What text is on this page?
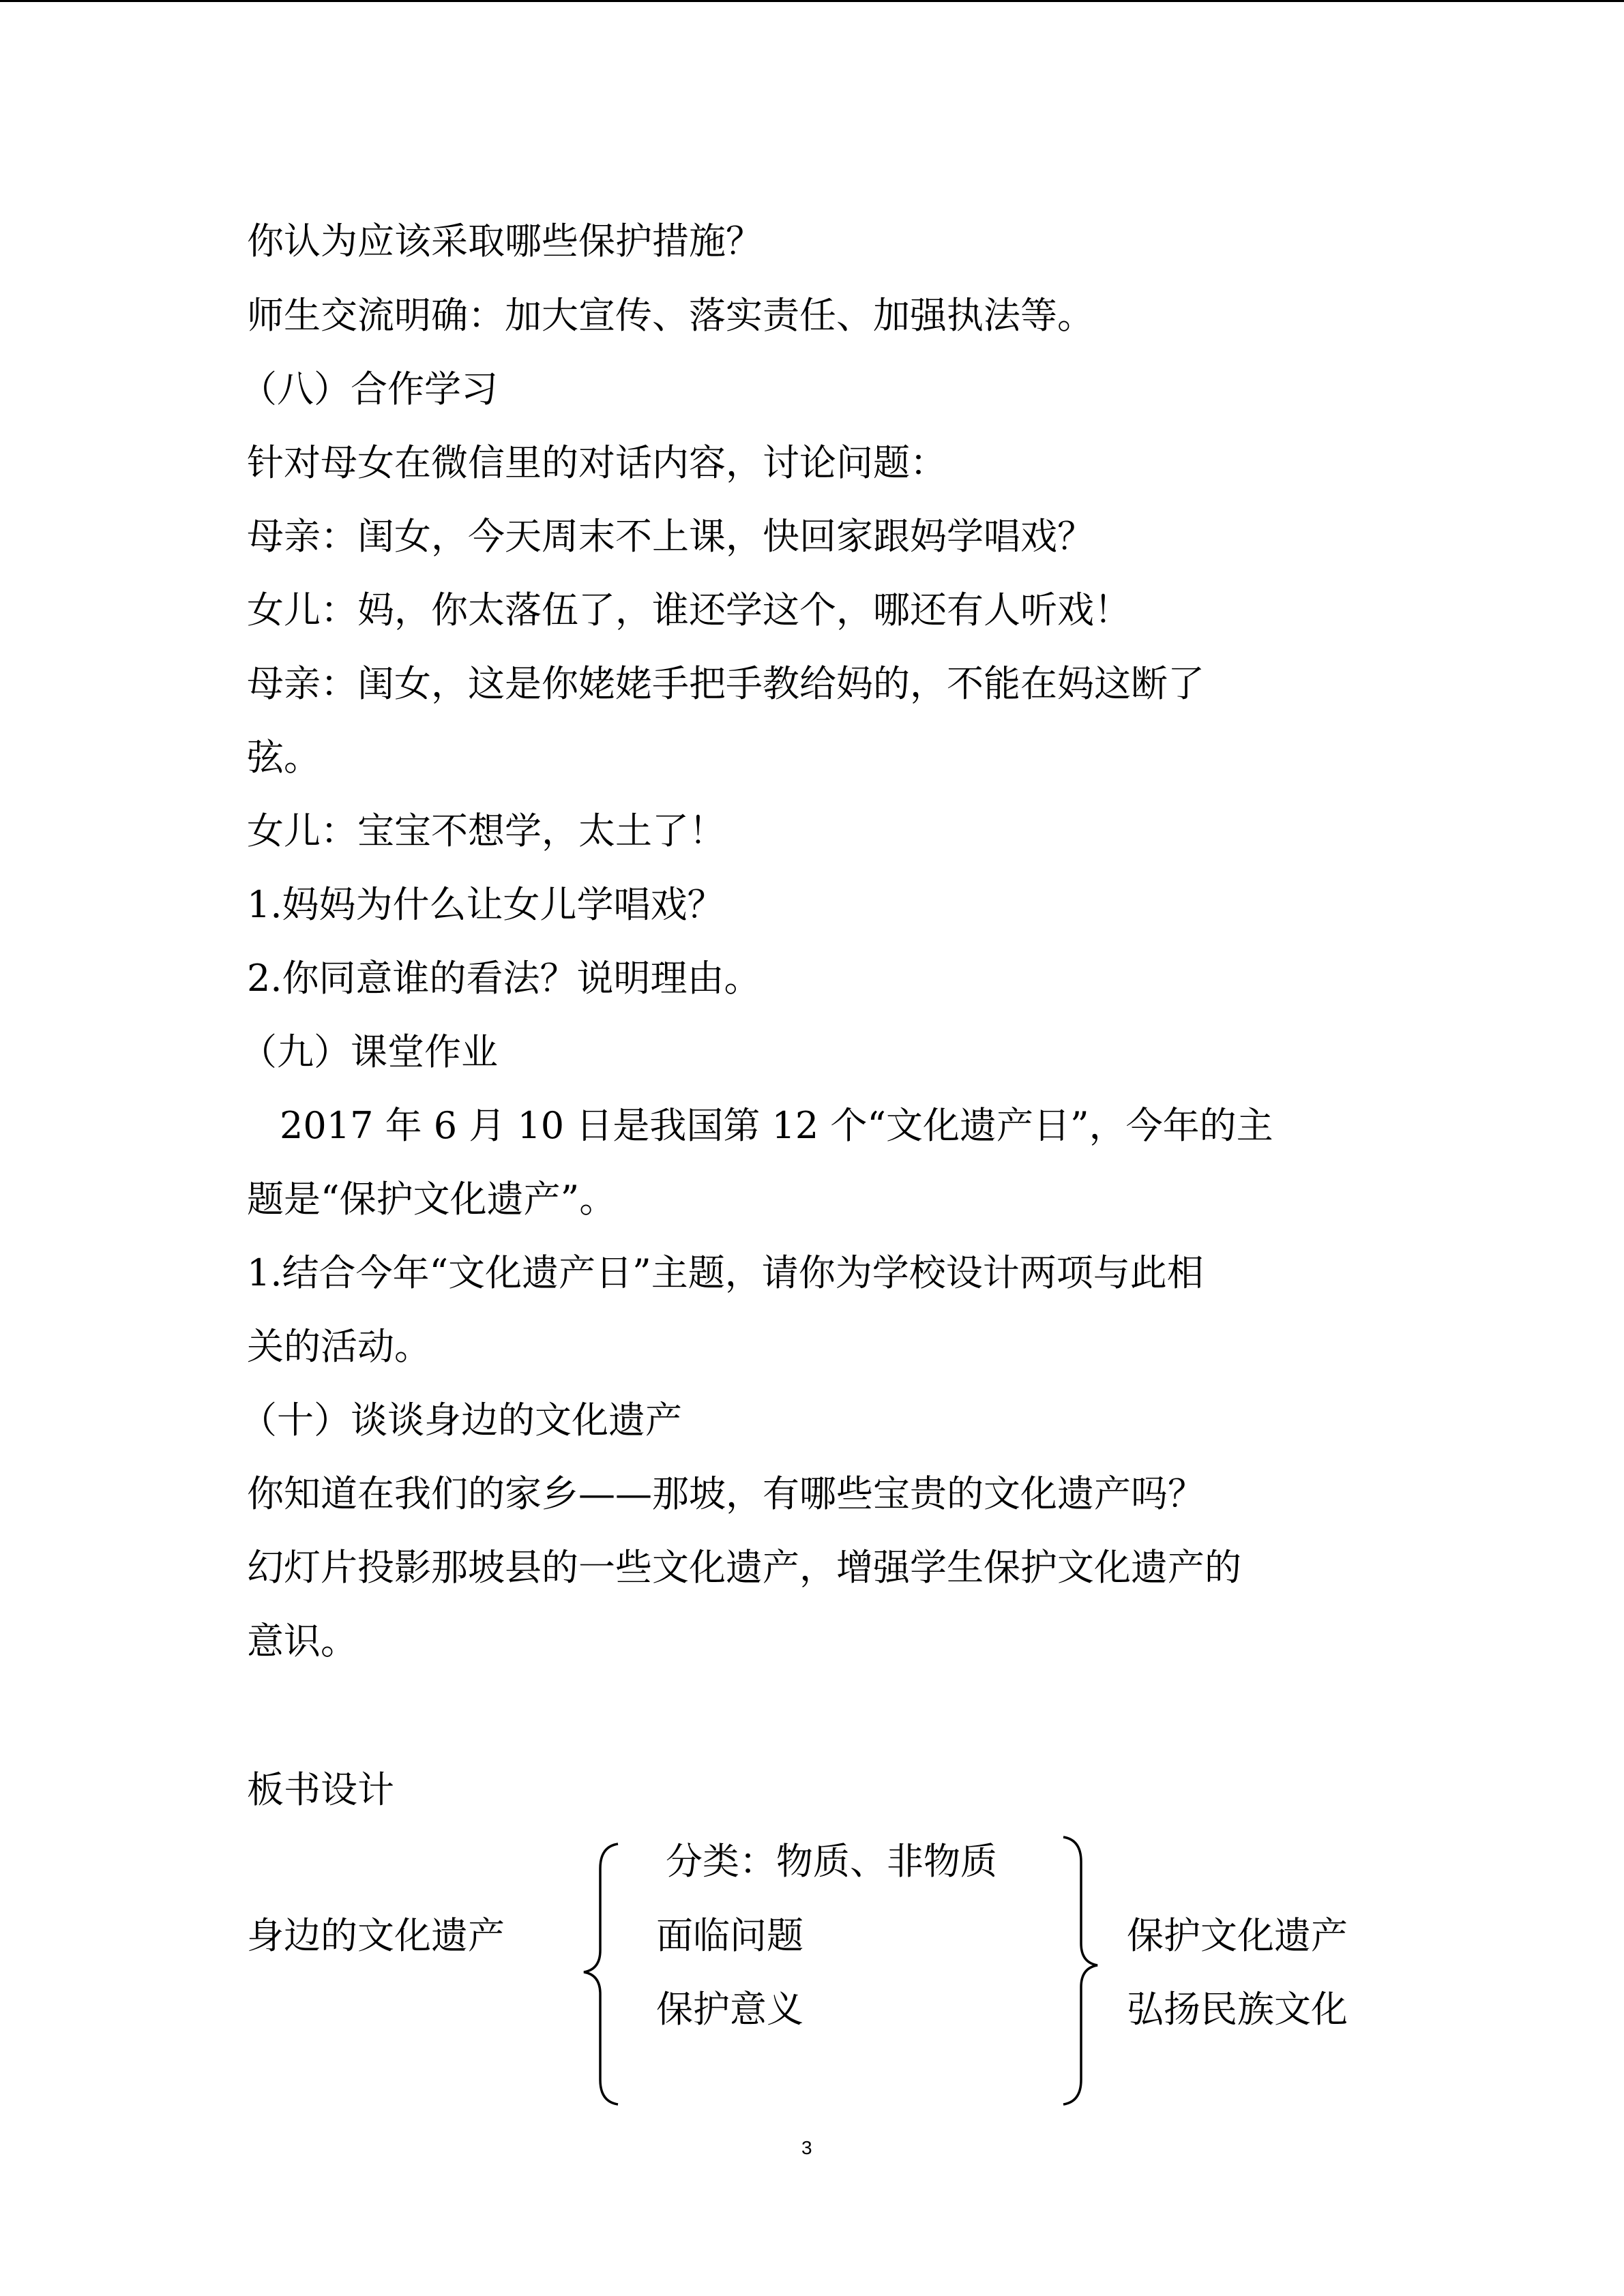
你认为应该采取哪些保护措施？
师生交流明确：加大宣传、落实责任、加强执法等。
（八）合作学习
针对母女在微信里的对话内容，讨论问题：
母亲：闺女，今天周末不上课，快回家跟妈学唱戏？
女儿：妈，你太落伍了，谁还学这个，哪还有人听戏！
母亲：闺女，这是你姥姥手把手教给妈的，不能在妈这断了
弦。
女儿：宝宝不想学，太土了！
1.妈妈为什么让女儿学唱戏？
2.你同意谁的看法？说明理由。
（九）课堂作业
2017 年 6 月 10 日是我国第 12 个“文化遗产日”，今年的主
题是“保护文化遗产”。
1.结合今年“文化遗产日”主题，请你为学校设计两项与此相
关的活动。
（十）谈谈身边的文化遗产
你知道在我们的家乡——那坡，有哪些宝贵的文化遗产吗？
幻灯片投影那坡县的一些文化遗产，增强学生保护文化遗产的
意识。
板书设计
身边的文化遗产
分类：物质、非物质
面临问题
保护意义
保护文化遗产
弘扬民族文化
3
